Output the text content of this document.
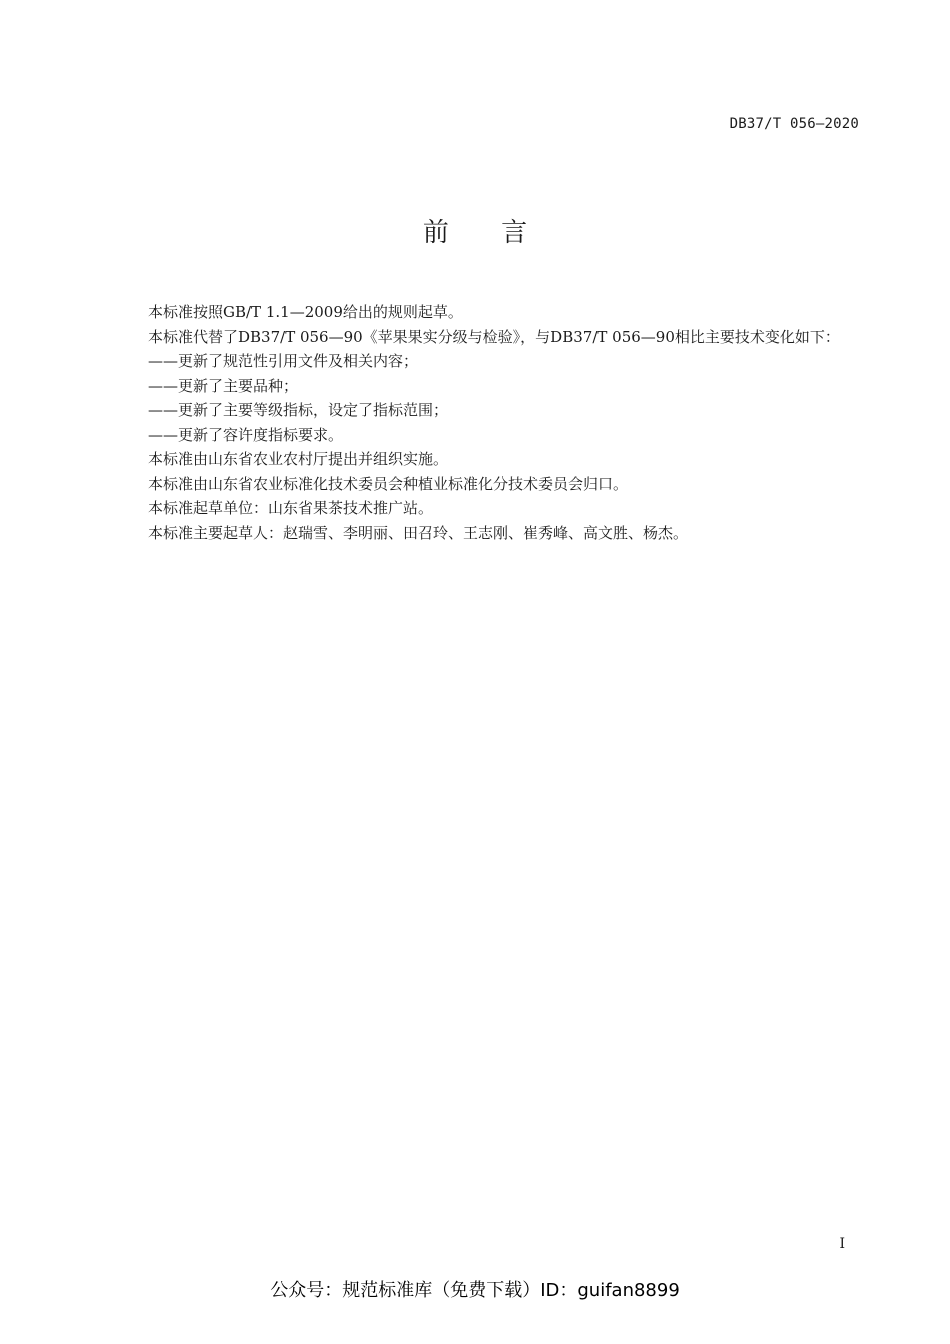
DB37/T 056—2020
前 言
本标准按照GB/T 1.1—2009给出的规则起草。
本标准代替了DB37/T 056—90《苹果果实分级与检验》，与DB37/T 056—90相比主要技术变化如下：
——更新了规范性引用文件及相关内容；
——更新了主要品种；
——更新了主要等级指标，设定了指标范围；
——更新了容许度指标要求。
本标准由山东省农业农村厅提出并组织实施。
本标准由山东省农业标准化技术委员会种植业标准化分技术委员会归口。
本标准起草单位：山东省果茶技术推广站。
本标准主要起草人：赵瑞雪、李明丽、田召玲、王志刚、崔秀峰、高文胜、杨杰。
I
公众号：规范标准库（免费下载）ID：guifan8899
